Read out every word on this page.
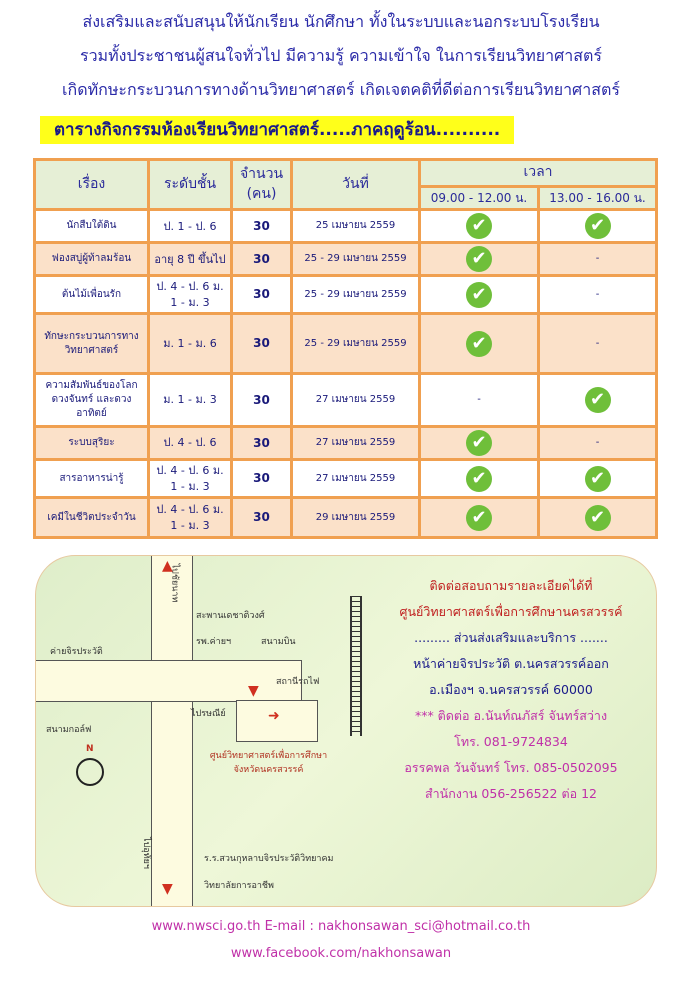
ส่งเสริมและสนับสนุนให้นักเรียน นักศึกษา ทั้งในระบบและนอกระบบโรงเรียน
รวมทั้งประชาชนผู้สนใจทั่วไป มีความรู้ ความเข้าใจ ในการเรียนวิทยาศาสตร์
เกิดทักษะกระบวนการทางด้านวิทยาศาสตร์ เกิดเจตคติที่ดีต่อการเรียนวิทยาศาสตร์
ตารางกิจกรรมห้องเรียนวิทยาศาสตร์.....ภาคฤดูร้อน..........
เรื่อง	ระดับชั้น	จำนวน (คน)	วันที่	เวลา	
				09.00 - 12.00 น.	13.00 - 16.00 น.
นักสืบใต้ดิน	ป. 1 - ป. 6	30	25 เมษายน 2559	✔	✔
ฟองสบู่ผู้ท้าลมร้อน	อายุ 8 ปี ขึ้นไป	30	25 - 29 เมษายน 2559	✔	-
ต้นไม้เพื่อนรัก	ป. 4 - ป. 6 ม. 1 - ม. 3	30	25 - 29 เมษายน 2559	✔	-
ทักษะกระบวนการทางวิทยาศาสตร์	ม. 1 - ม. 6	30	25 - 29 เมษายน 2559	✔	-
ความสัมพันธ์ของโลก ดวงจันทร์ และดวงอาทิตย์	ม. 1 - ม. 3	30	27 เมษายน 2559	-	✔
ระบบสุริยะ	ป. 4 - ป. 6	30	27 เมษายน 2559	✔	-
สารอาหารน่ารู้	ป. 4 - ป. 6 ม. 1 - ม. 3	30	27 เมษายน 2559	✔	✔
เคมีในชีวิตประจำวัน	ป. 4 - ป. 6 ม. 1 - ม. 3	30	29 เมษายน 2559	✔	✔
ไปชัยนาท
▲
สะพานเดชาติวงศ์
ค่ายจิรประวัติ
รพ.ค่ายฯ	สนามบิน
สนามกอล์ฟ
ไปรษณีย์
สถานีรถไฟ
▼
➜
ศูนย์วิทยาศาสตร์เพื่อการศึกษา จังหวัดนครสวรรค์
N
ไปอุทัยฯ
▼
ร.ร.สวนกุหลาบจิรประวัติวิทยาคม
วิทยาลัยการอาชีพ
ติดต่อสอบถามรายละเอียดได้ที่
ศูนย์วิทยาศาสตร์เพื่อการศึกษานครสวรรค์
......... ส่วนส่งเสริมและบริการ .......
หน้าค่ายจิรประวัติ ต.นครสวรรค์ออก
อ.เมืองฯ จ.นครสวรรค์ 60000
*** ติดต่อ อ.นันท์ณภัสร์ จันทร์สว่าง
โทร. 081-9724834
อรรคพล วันจันทร์ โทร. 085-0502095
สำนักงาน 056-256522 ต่อ 12
www.nwsci.go.th E-mail : nakhonsawan_sci@hotmail.co.th
www.facebook.com/nakhonsawan
